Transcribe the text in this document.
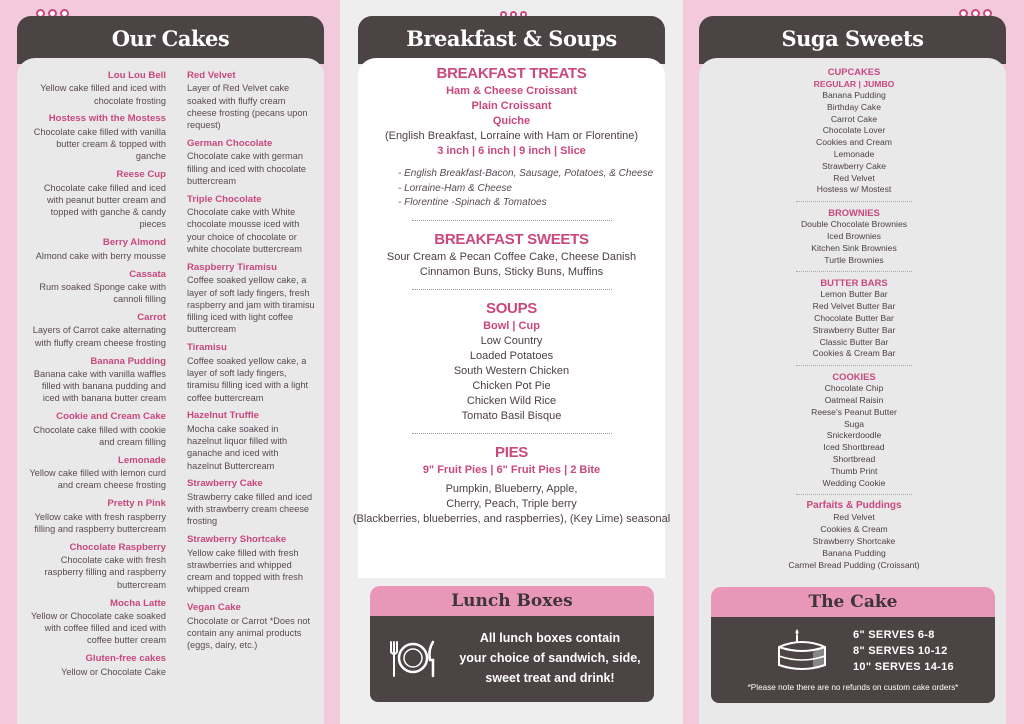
Our Cakes
Lou Lou Bell
Yellow cake filled and iced with chocolate frosting
Hostess with the Mostess
Chocolate cake filled with vanilla butter cream & topped with ganche
Reese Cup
Chocolate cake filled and iced with peanut butter cream and topped with ganche & candy pieces
Berry Almond
Almond cake with berry mousse
Cassata
Rum soaked Sponge cake with cannoli filling
Carrot
Layers of Carrot cake alternating with fluffy cream cheese frosting
Banana Pudding
Banana cake with vanilla waffles filled with banana pudding and iced with banana butter cream
Cookie and Cream Cake
Chocolate cake filled with cookie and cream filling
Lemonade
Yellow cake filled with lemon curd and cream cheese frosting
Pretty n Pink
Yellow cake with fresh raspberry filling and raspberry buttercream
Chocolate Raspberry
Chocolate cake with fresh raspberry filling and raspberry buttercream
Mocha Latte
Yellow or Chocolate cake soaked with coffee filled and iced with coffee butter cream
Gluten-free cakes
Yellow or Chocolate Cake
Red Velvet
Layer of Red Velvet cake soaked with fluffy cream cheese frosting (pecans upon request)
German Chocolate
Chocolate cake with german filling and iced with chocolate buttercream
Triple Chocolate
Chocolate cake with White chocolate mousse iced with your choice of chocolate or white chocolate buttercream
Raspberry Tiramisu
Coffee soaked yellow cake, a layer of soft lady fingers, fresh raspberry and jam with tiramisu filling iced with light coffee buttercream
Tiramisu
Coffee soaked yellow cake, a layer of soft lady fingers, tiramisu filling iced with a light coffee buttercream
Hazelnut Truffle
Mocha cake soaked in hazelnut liquor filled with ganache and iced with hazelnut Buttercream
Strawberry Cake
Strawberry cake filled and iced with strawberry cream cheese frosting
Strawberry Shortcake
Yellow cake filled with fresh strawberries and whipped cream and topped with fresh whipped cream
Vegan Cake
Chocolate or Carrot *Does not contain any animal products (eggs, dairy, etc.)
Breakfast & Soups
BREAKFAST TREATS
Ham & Cheese Croissant
Plain Croissant
Quiche
(English Breakfast, Lorraine with Ham or Florentine)
3 inch | 6 inch | 9 inch | Slice
- English Breakfast-Bacon, Sausage, Potatoes, & Cheese
- Lorraine-Ham & Cheese
- Florentine -Spinach & Tomatoes
BREAKFAST SWEETS
Sour Cream & Pecan Coffee Cake, Cheese Danish
Cinnamon Buns, Sticky Buns, Muffins
SOUPS
Bowl | Cup
Low Country
Loaded Potatoes
South Western Chicken
Chicken Pot Pie
Chicken Wild Rice
Tomato Basil Bisque
PIES
9" Fruit Pies | 6" Fruit Pies | 2 Bite
Pumpkin, Blueberry, Apple,
Cherry, Peach, Triple berry
(Blackberries, blueberries, and raspberries), (Key Lime) seasonal
Lunch Boxes
All lunch boxes contain
your choice of sandwich, side,
sweet treat and drink!
Suga Sweets
CUPCAKES
REGULAR | JUMBO
Banana Pudding
Birthday Cake
Carrot Cake
Chocolate Lover
Cookies and Cream
Lemonade
Strawberry Cake
Red Velvet
Hostess w/ Mostest
BROWNIES
Double Chocolate Brownies
Iced Brownies
Kitchen Sink Brownies
Turtle Brownies
BUTTER BARS
Lemon Butter Bar
Red Velvet Butter Bar
Chocolate Butter Bar
Strawberry Butter Bar
Classic Butter Bar
Cookies & Cream Bar
COOKIES
Chocolate Chip
Oatmeal Raisin
Reese's Peanut Butter
Suga
Snickerdoodle
Iced Shortbread
Shortbread
Thumb Print
Wedding Cookie
Parfaits & Puddings
Red Velvet
Cookies & Cream
Strawberry Shortcake
Banana Pudding
Carmel Bread Pudding (Croissant)
The Cake
6" SERVES 6-8
8" SERVES 10-12
10" SERVES 14-16
*Please note there are no refunds on custom cake orders*
